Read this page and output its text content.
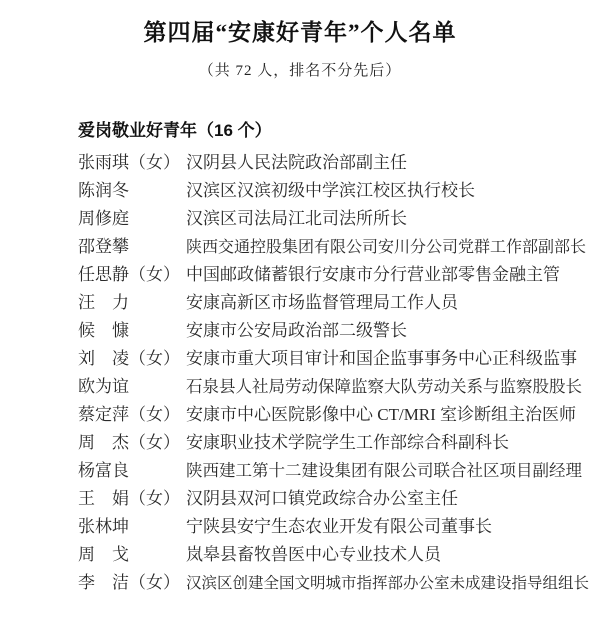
第四届“安康好青年”个人名单

（共 72 人，排名不分先后）

爱岗敬业好青年（16 个）
张雨琪（女） 汉阴县人民法院政治部副主任
陈润冬	汉滨区汉滨初级中学滨江校区执行校长
周修庭	汉滨区司法局江北司法所所长
邵登攀	陕西交通控股集团有限公司安川分公司党群工作部副部长
任思静（女） 中国邮政储蓄银行安康市分行营业部零售金融主管
汪　力	安康高新区市场监督管理局工作人员
候　慷	安康市公安局政治部二级警长
刘　凌（女） 安康市重大项目审计和国企监事事务中心正科级监事
欧为谊	石泉县人社局劳动保障监察大队劳动关系与监察股股长
蔡定萍（女） 安康市中心医院影像中心 CT/MRI 室诊断组主治医师
周　杰（女） 安康职业技术学院学生工作部综合科副科长
杨富良	陕西建工第十二建设集团有限公司联合社区项目副经理
王　娟（女） 汉阴县双河口镇党政综合办公室主任
张林坤	宁陕县安宁生态农业开发有限公司董事长
周　戈	岚皋县畜牧兽医中心专业技术人员
李　洁（女） 汉滨区创建全国文明城市指挥部办公室未成建设指导组组长
